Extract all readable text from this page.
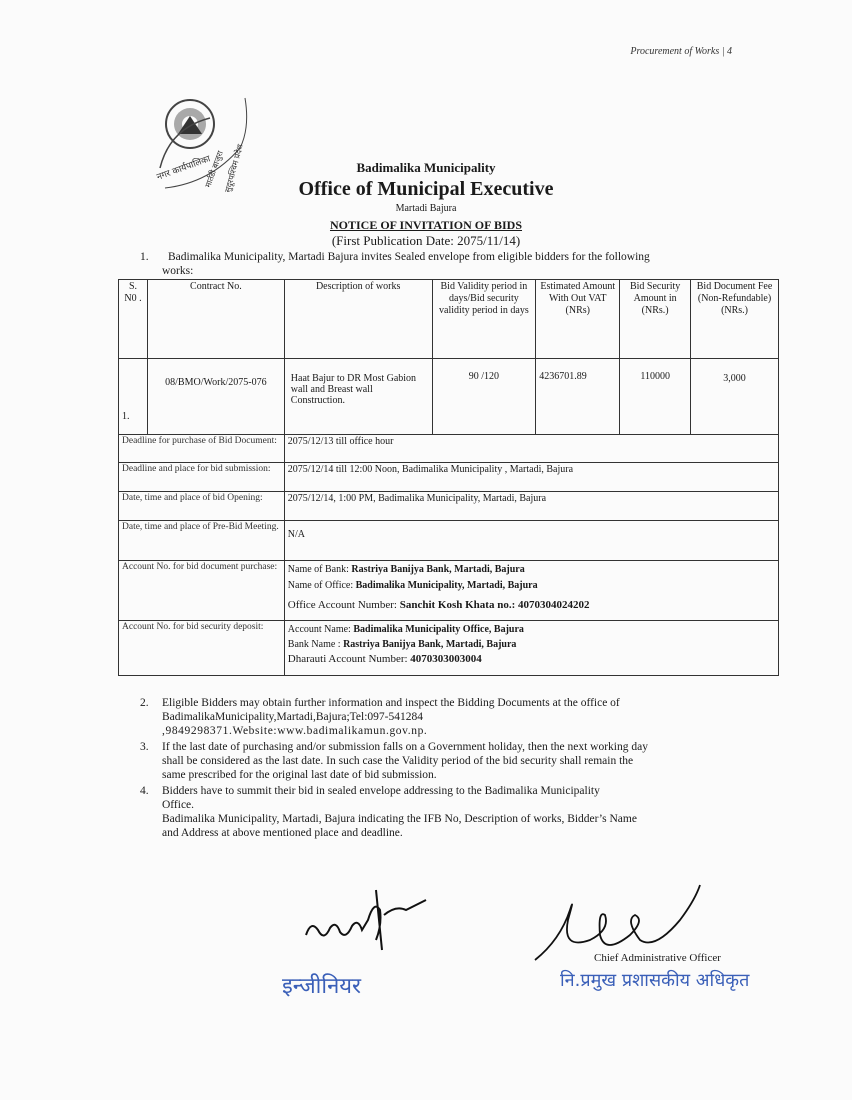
Procurement of Works | 4
नगर कार्यपालिका
मार्तडी बाजुरा
सुदूरपश्चिम प्रदेश	Badimalika Municipality
Office of Municipal Executive
Martadi Bajura
NOTICE OF INVITATION OF BIDS
(First Publication Date: 2075/11/14)
1. Badimalika Municipality, Martadi Bajura invites Sealed envelope from eligible bidders for the following
works:
S. N0 .	Contract No.	Description of works	Bid Validity period in days/Bid security validity period in days	Estimated Amount With Out VAT (NRs)	Bid Security Amount in (NRs.)	Bid Document Fee (Non-Refundable) (NRs.)
1.	08/BMO/Work/2075-076	Haat Bajur to DR Most Gabion wall and Breast wall Construction.	90 /120	4236701.89	110000	3,000
Deadline for purchase of Bid Document:		2075/12/13 till office hour				
Deadline and place for bid submission:		2075/12/14 till 12:00 Noon, Badimalika Municipality , Martadi, Bajura				
Date, time and place of bid Opening:		2075/12/14, 1:00 PM, Badimalika Municipality, Martadi, Bajura				
Date, time and place of Pre-Bid Meeting.		N/A				
Account No. for bid document purchase:		Name of Bank: Rastriya Banijya Bank, Martadi, Bajura
Name of Office: Badimalika Municipality, Martadi, Bajura
Office Account Number: Sanchit Kosh Khata no.: 4070304024202				

Account No. for bid security deposit:		Account Name: Badimalika Municipality Office, Bajura
Bank Name : Rastriya Banijya Bank, Martadi, Bajura
Dharauti Account Number: 4070303003004				
2. Eligible Bidders may obtain further information and inspect the Bidding Documents at the office of
BadimalikaMunicipality,Martadi,Bajura;Tel:097-541284
,9849298371.Website:www.badimalikamun.gov.np.
3. If the last date of purchasing and/or submission falls on a Government holiday, then the next working day
shall be considered as the last date. In such case the Validity period of the bid security shall remain the
same prescribed for the original last date of bid submission.
4. Bidders have to summit their bid in sealed envelope addressing to the Badimalika Municipality
Office.
Badimalika Municipality, Martadi, Bajura indicating the IFB No, Description of works, Bidder’s Name
and Address at above mentioned place and deadline.
इन्जीनियर
Chief Administrative Officer
नि.प्रमुख प्रशासकीय अधिकृत
